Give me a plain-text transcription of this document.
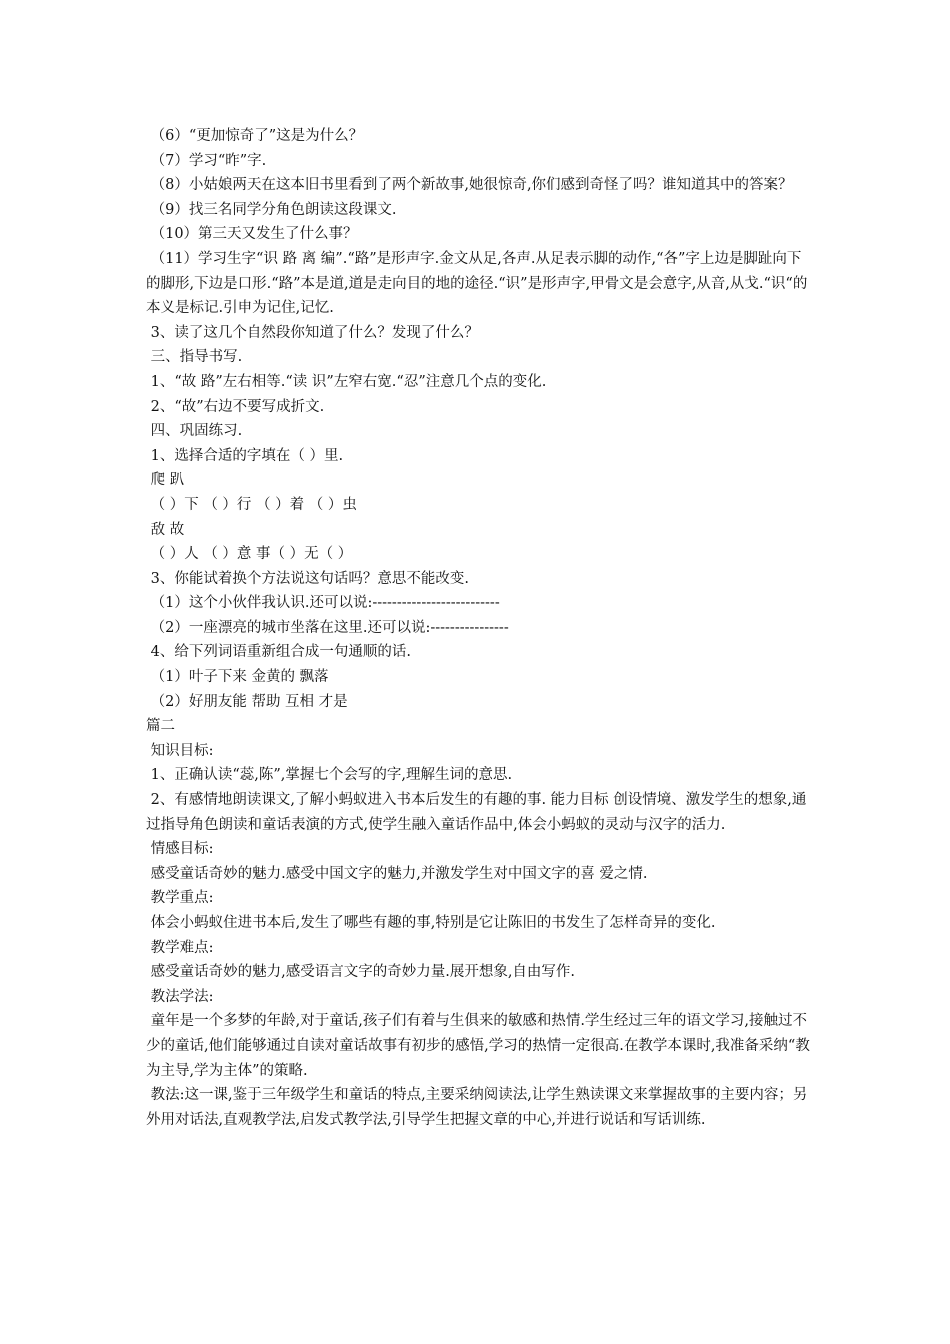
（6）“更加惊奇了”这是为什么？
（7）学习“昨”字.
（8）小姑娘两天在这本旧书里看到了两个新故事,她很惊奇,你们感到奇怪了吗？谁知道其中的答案？
（9）找三名同学分角色朗读这段课文.
（10）第三天又发生了什么事？
（11）学习生字“识 路 离 编”.“路”是形声字.金文从足,各声.从足表示脚的动作,“各”字上边是脚趾向下的脚形,下边是口形.“路”本是道,道是走向目的地的途径.“识”是形声字,甲骨文是会意字,从音,从戈.“识“的本义是标记.引申为记住,记忆.
3、读了这几个自然段你知道了什么？发现了什么？
三、指导书写.
1、“故 路”左右相等.“读 识”左窄右宽.“忍”注意几个点的变化.
2、“故”右边不要写成折文.
四、巩固练习.
1、选择合适的字填在（ ）里.
爬 趴
（ ）下 （ ）行 （ ）着 （ ）虫
敌 故
（ ）人 （ ）意 事（ ）无（ ）
3、你能试着换个方法说这句话吗？意思不能改变.
（1）这个小伙伴我认识.还可以说:--------------------------
（2）一座漂亮的城市坐落在这里.还可以说:----------------
4、给下列词语重新组合成一句通顺的话.
（1）叶子下来 金黄的 飘落
（2）好朋友能 帮助 互相 才是
篇二
知识目标:
1、正确认读“蕊,陈”,掌握七个会写的字,理解生词的意思.
2、有感情地朗读课文,了解小蚂蚁进入书本后发生的有趣的事. 能力目标 创设情境、激发学生的想象,通过指导角色朗读和童话表演的方式,使学生融入童话作品中,体会小蚂蚁的灵动与汉字的活力.
情感目标:
感受童话奇妙的魅力.感受中国文字的魅力,并激发学生对中国文字的喜 爱之情.
教学重点:
体会小蚂蚁住进书本后,发生了哪些有趣的事,特别是它让陈旧的书发生了怎样奇异的变化.
教学难点:
感受童话奇妙的魅力,感受语言文字的奇妙力量.展开想象,自由写作.
教法学法:
童年是一个多梦的年龄,对于童话,孩子们有着与生俱来的敏感和热情.学生经过三年的语文学习,接触过不少的童话,他们能够通过自读对童话故事有初步的感悟,学习的热情一定很高.在教学本课时,我准备采纳“教为主导,学为主体”的策略.
教法:这一课,鉴于三年级学生和童话的特点,主要采纳阅读法,让学生熟读课文来掌握故事的主要内容；另外用对话法,直观教学法,启发式教学法,引导学生把握文章的中心,并进行说话和写话训练.
